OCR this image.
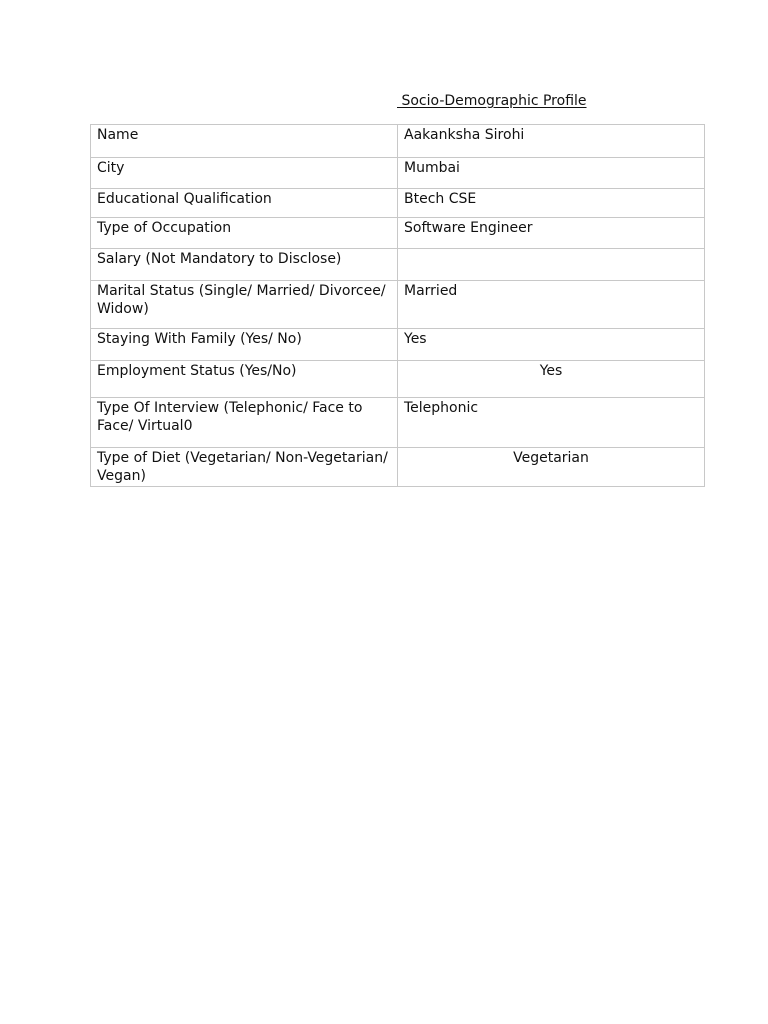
Socio-Demographic Profile
Name	Aakanksha Sirohi
City	Mumbai
Educational Qualification	Btech CSE
Type of Occupation	Software Engineer
Salary (Not Mandatory to Disclose)	
Marital Status (Single/ Married/ Divorcee/ Widow)	Married
Staying With Family (Yes/ No)	Yes
Employment Status (Yes/No)	Yes
Type Of Interview (Telephonic/ Face to Face/ Virtual0	Telephonic
Type of Diet (Vegetarian/ Non-Vegetarian/ Vegan)	Vegetarian
